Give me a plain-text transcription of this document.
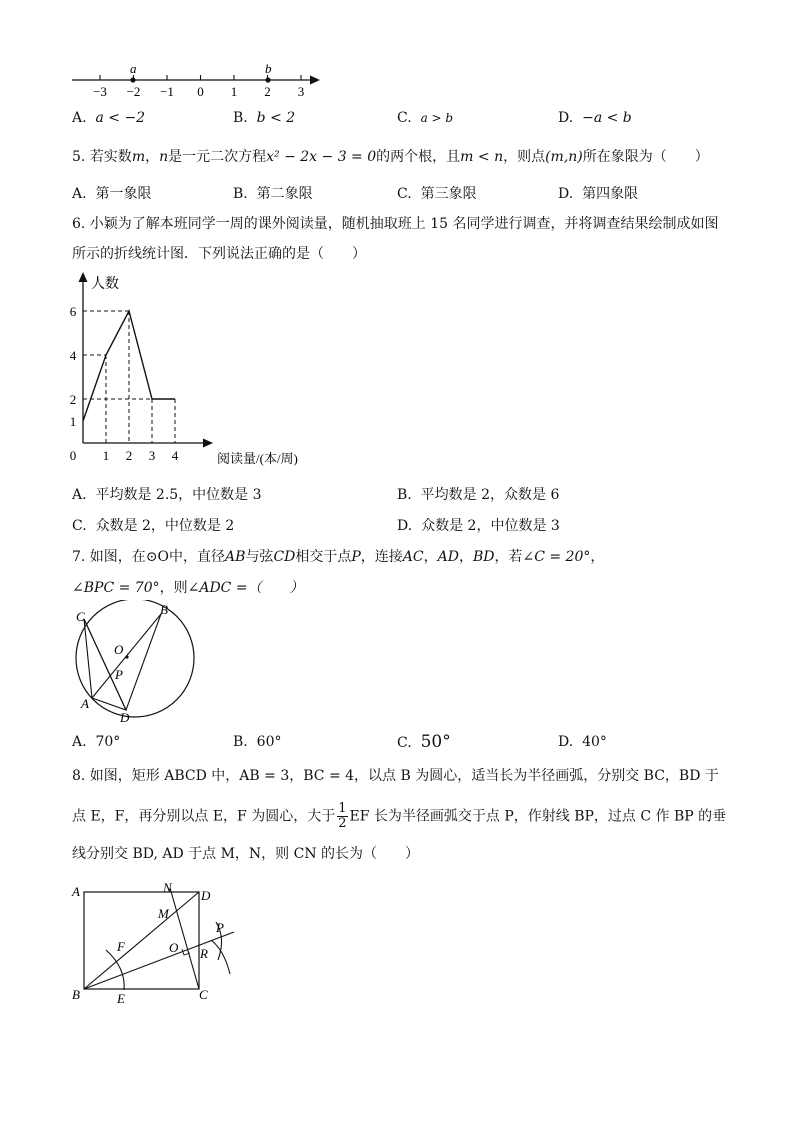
−3 −2 −1 0 1 2 3
a	b
A. a < −2	B. b < 2	C. a > b	D. −a < b
5. 若实数m，n是一元二次方程x² − 2x − 3 = 0的两个根，且m < n，则点(m,n)所在象限为（　　）
A. 第一象限	B. 第二象限	C. 第三象限	D. 第四象限
6. 小颖为了解本班同学一周的课外阅读量，随机抽取班上 15 名同学进行调查，并将调查结果绘制成如图
所示的折线统计图．下列说法正确的是（　　）
0 1 2 3 4
1
2
4
6
人数
阅读量/(本/周)
A. 平均数是 2.5，中位数是 3	B. 平均数是 2，众数是 6
C. 众数是 2，中位数是 2	D. 众数是 2，中位数是 3
7. 如图，在⊙O中，直径AB与弦CD相交于点P，连接AC，AD，BD，若∠C = 20°，
∠BPC = 70°，则∠ADC =（　　）
C	B
O
P
A
D
A. 70°	B. 60°	C. 50°	D. 40°
8. 如图，矩形 ABCD 中，AB = 3，BC = 4，以点 B 为圆心，适当长为半径画弧，分别交 BC，BD 于
点 E，F，再分别以点 E，F 为圆心，大于 $\frac{1}{2}$ EF 长为半径画弧交于点 P，作射线 BP，过点 C 作 BP 的垂
线分别交 BD, AD 于点 M，N，则 CN 的长为（　　）
A	D
N
M
O R
P
F
B	C
E
